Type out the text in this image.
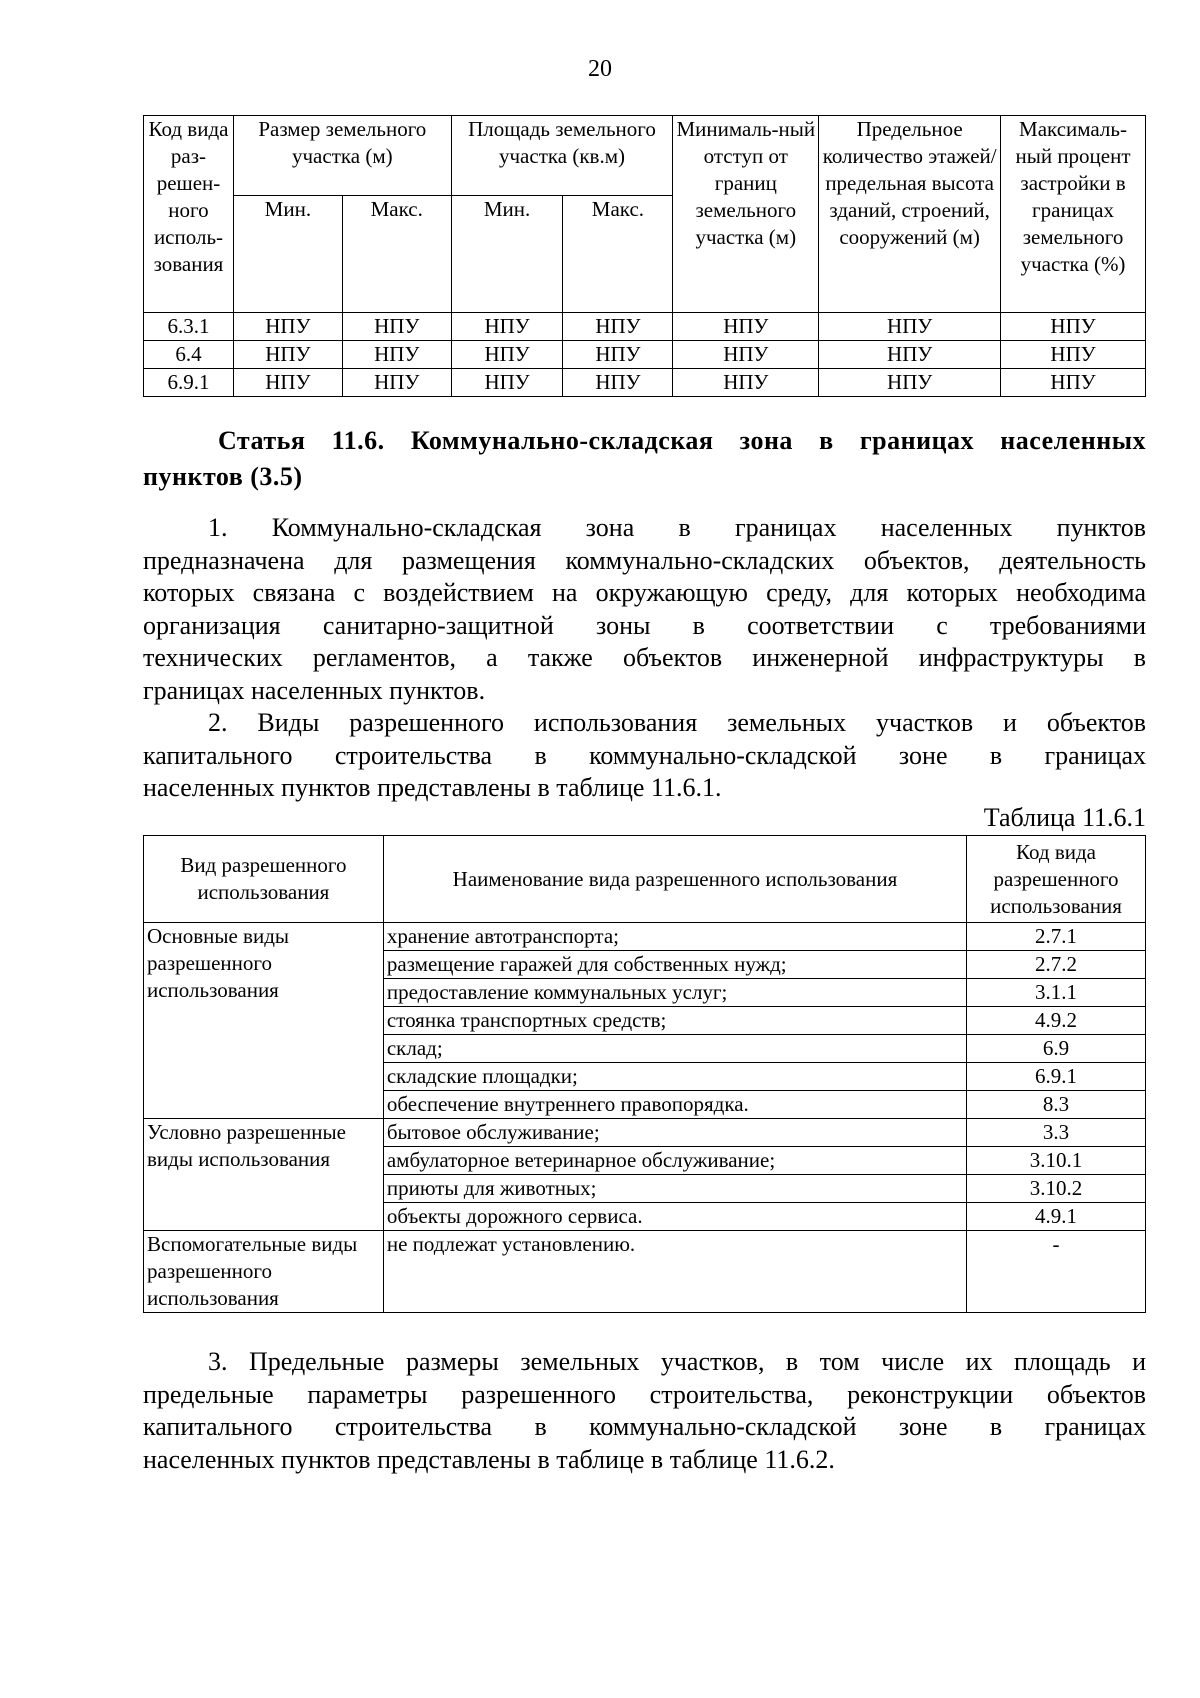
20
Код вида раз-решен-ного исполь-зования	Размер земельного участка (м)		Площадь земельного участка (кв.м)		Минималь-ный отступ от границ земельного участка (м)	Предельное количество этажей/ предельная высота зданий, строений, сооружений (м)	Максималь-ный процент застройки в границах земельного участка (%)
	Мин.	Макс.	Мин.	Макс.			
6.3.1	НПУ	НПУ	НПУ	НПУ	НПУ	НПУ	НПУ
6.4	НПУ	НПУ	НПУ	НПУ	НПУ	НПУ	НПУ
6.9.1	НПУ	НПУ	НПУ	НПУ	НПУ	НПУ	НПУ
Статья 11.6. Коммунально-складская зона в границах населенных
пунктов (3.5)
1. Коммунально-складская зона в границах населенных пунктов
предназначена для размещения коммунально-складских объектов, деятельность
которых связана с воздействием на окружающую среду, для которых необходима
организация санитарно-защитной зоны в соответствии с требованиями
технических регламентов, а также объектов инженерной инфраструктуры в
границах населенных пунктов.
2. Виды разрешенного использования земельных участков и объектов
капитального строительства в коммунально-складской зоне в границах
населенных пунктов представлены в таблице 11.6.1.
Таблица 11.6.1
Вид разрешенного использования	Наименование вида разрешенного использования	Код вида разрешенного использования
Основные виды разрешенного использования	хранение автотранспорта;	2.7.1
	размещение гаражей для собственных нужд;	2.7.2
	предоставление коммунальных услуг;	3.1.1
	стоянка транспортных средств;	4.9.2
	склад;	6.9
	складские площадки;	6.9.1
	обеспечение внутреннего правопорядка.	8.3
Условно разрешенные виды использования	бытовое обслуживание;	3.3
	амбулаторное ветеринарное обслуживание;	3.10.1
	приюты для животных;	3.10.2
	объекты дорожного сервиса.	4.9.1
Вспомогательные виды разрешенного использования	не подлежат установлению.	-
3. Предельные размеры земельных участков, в том числе их площадь и
предельные параметры разрешенного строительства, реконструкции объектов
капитального строительства в коммунально-складской зоне в границах
населенных пунктов представлены в таблице в таблице 11.6.2.
